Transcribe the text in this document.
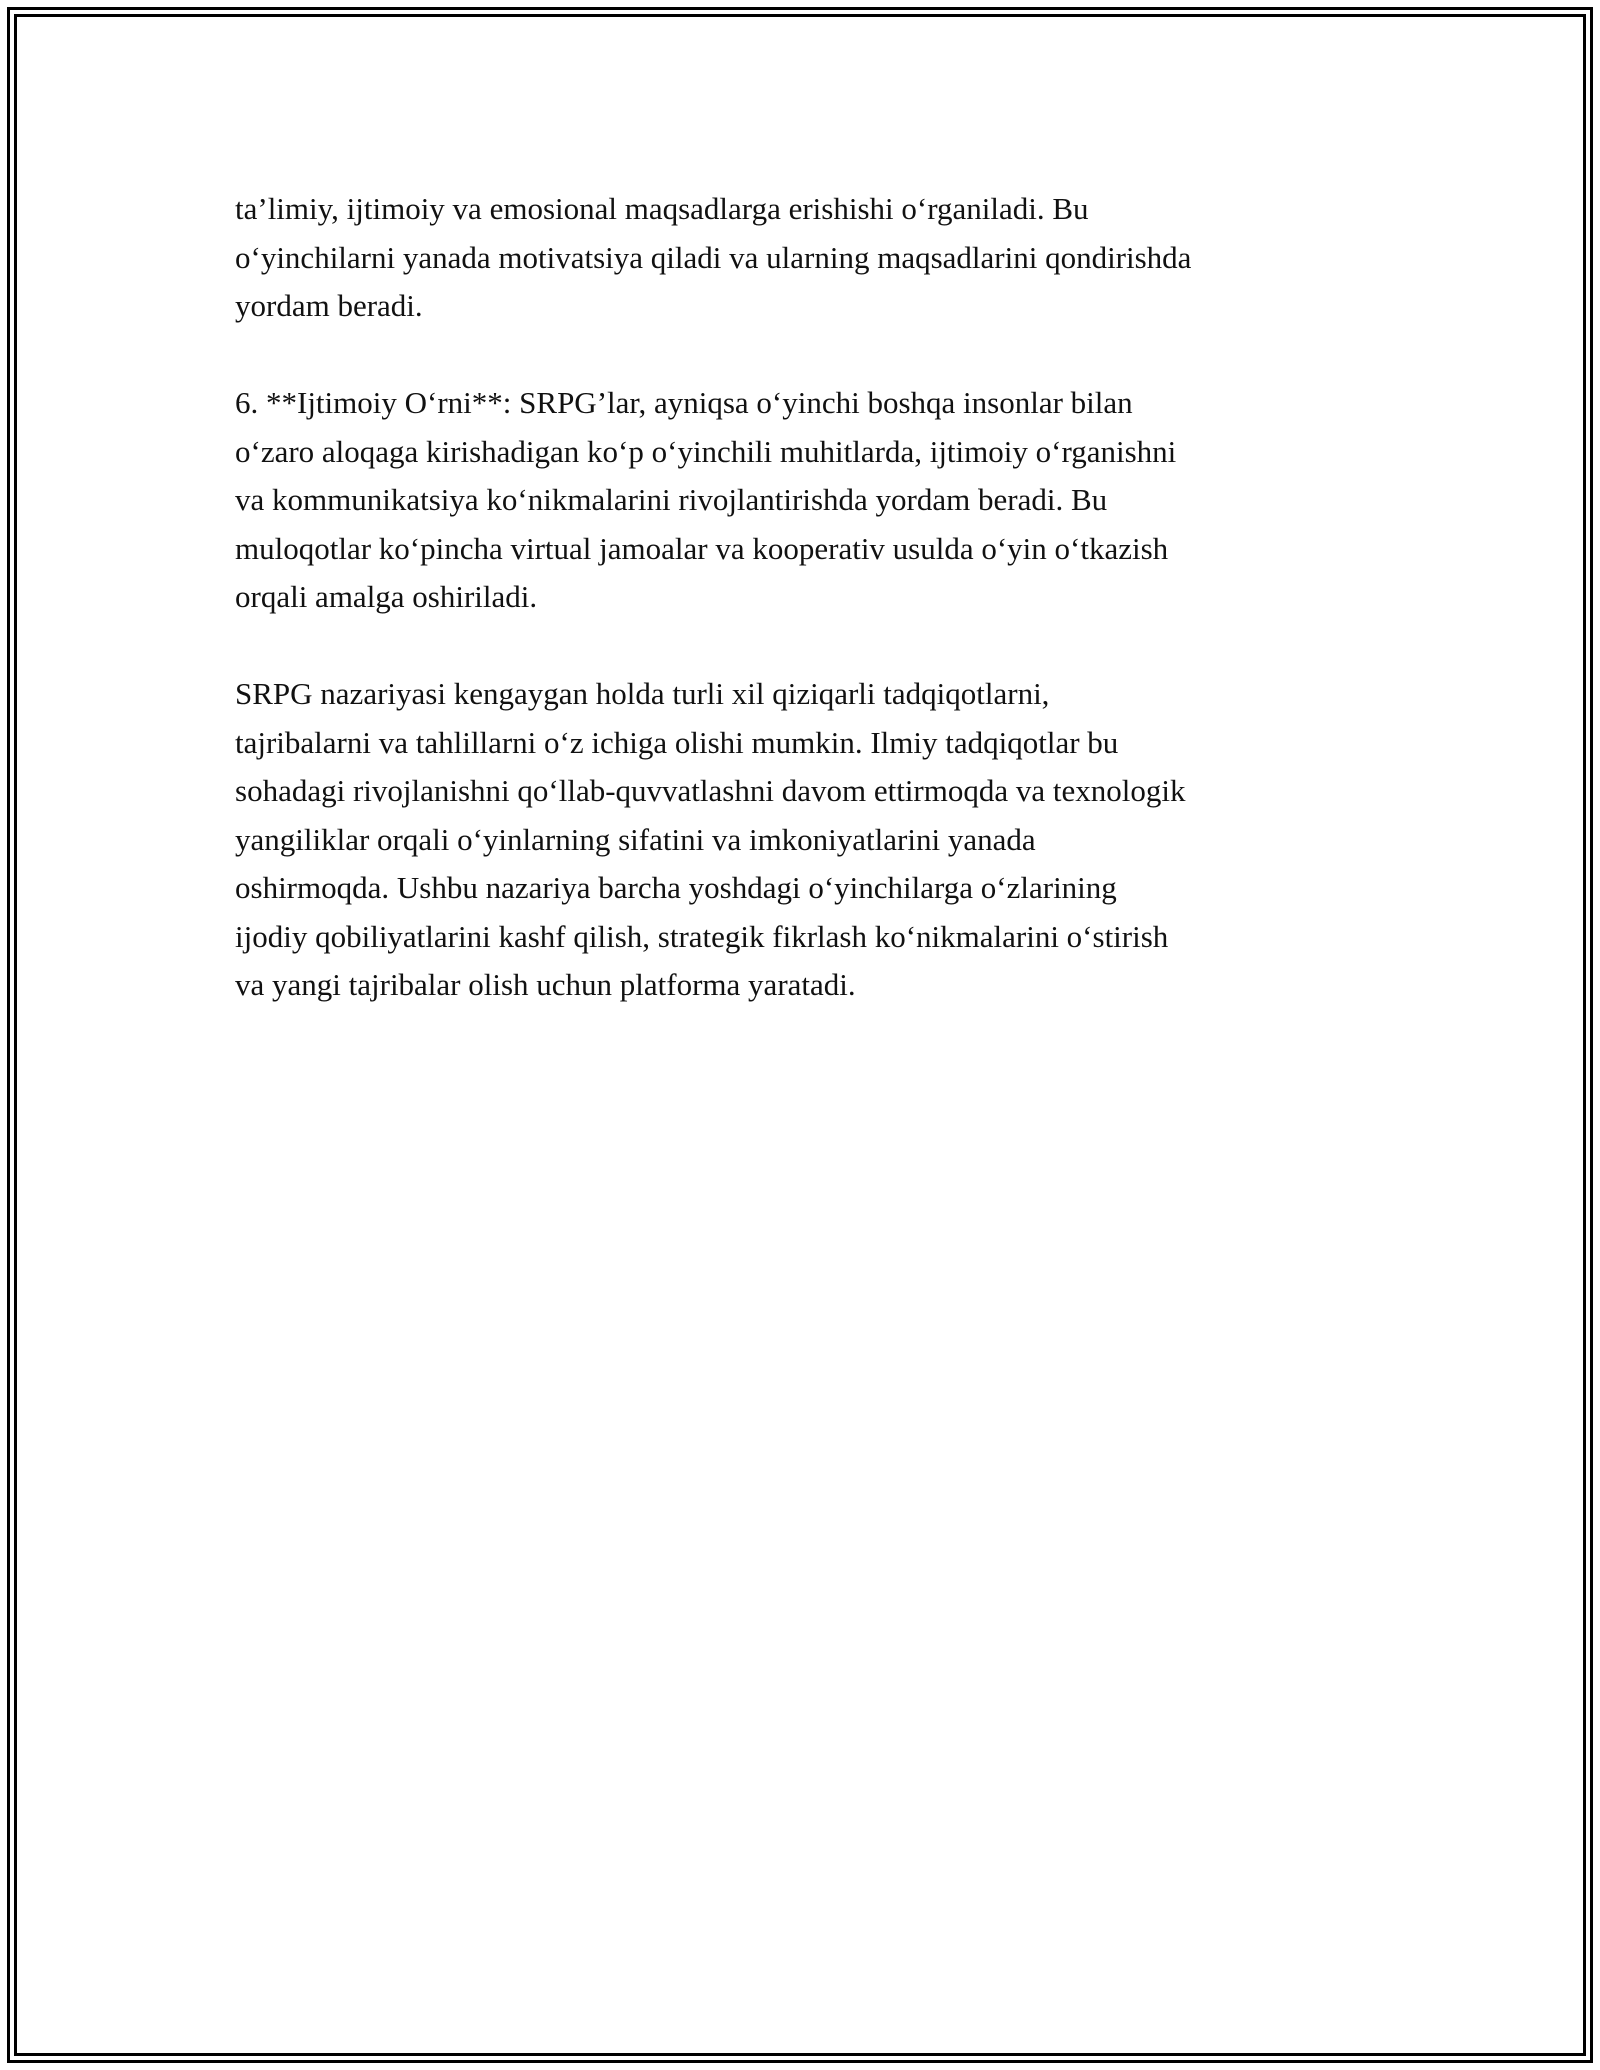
ta’limiy, ijtimoiy va emosional maqsadlarga erishishi o‘rganiladi. Bu
o‘yinchilarni yanada motivatsiya qiladi va ularning maqsadlarini qondirishda
yordam beradi.

6. **Ijtimoiy O‘rni**: SRPG’lar, ayniqsa o‘yinchi boshqa insonlar bilan
o‘zaro aloqaga kirishadigan ko‘p o‘yinchili muhitlarda, ijtimoiy o‘rganishni
va kommunikatsiya ko‘nikmalarini rivojlantirishda yordam beradi. Bu
muloqotlar ko‘pincha virtual jamoalar va kooperativ usulda o‘yin o‘tkazish
orqali amalga oshiriladi.

SRPG nazariyasi kengaygan holda turli xil qiziqarli tadqiqotlarni,
tajribalarni va tahlillarni o‘z ichiga olishi mumkin. Ilmiy tadqiqotlar bu
sohadagi rivojlanishni qo‘llab-quvvatlashni davom ettirmoqda va texnologik
yangiliklar orqali o‘yinlarning sifatini va imkoniyatlarini yanada
oshirmoqda. Ushbu nazariya barcha yoshdagi o‘yinchilarga o‘zlarining
ijodiy qobiliyatlarini kashf qilish, strategik fikrlash ko‘nikmalarini o‘stirish
va yangi tajribalar olish uchun platforma yaratadi.
